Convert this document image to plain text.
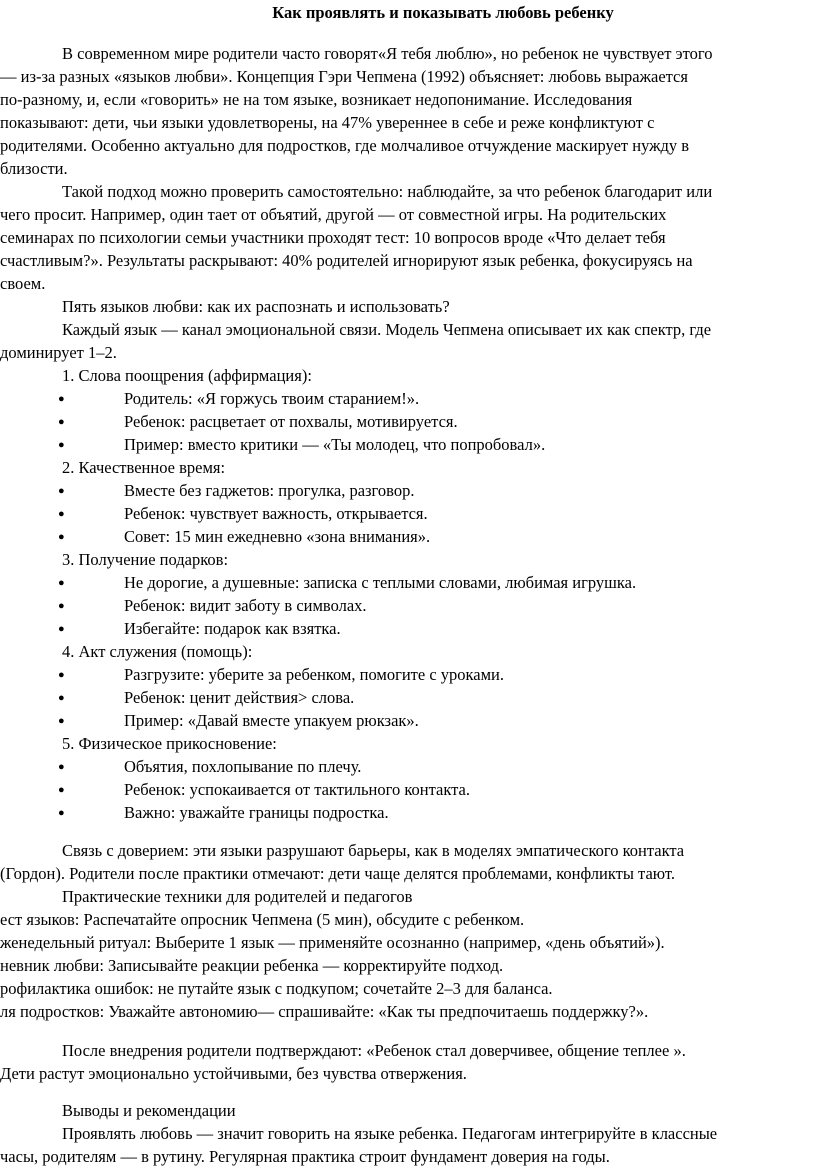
Как проявлять и показывать любовь ребенку
В современном мире родители часто говорят«Я тебя люблю», но ребенок не чувствует этого
— из-за разных «языков любви». Концепция Гэри Чепмена (1992) объясняет: любовь выражается
по-разному, и, если «говорить» не на том языке, возникает недопонимание. Исследования
показывают: дети, чьи языки удовлетворены, на 47% увереннее в себе и реже конфликтуют с
родителями. Особенно актуально для подростков, где молчаливое отчуждение маскирует нужду в
близости.
Такой подход можно проверить самостоятельно: наблюдайте, за что ребенок благодарит или
чего просит. Например, один тает от объятий, другой — от совместной игры. На родительских
семинарах по психологии семьи участники проходят тест: 10 вопросов вроде «Что делает тебя
счастливым?». Результаты раскрывают: 40% родителей игнорируют язык ребенка, фокусируясь на
своем.
Пять языков любви: как их распознать и использовать?
Каждый язык — канал эмоциональной связи. Модель Чепмена описывает их как спектр, где
доминирует 1–2.
1. Слова поощрения (аффирмация):
●	Родитель: «Я горжусь твоим старанием!».
●	Ребенок: расцветает от похвалы, мотивируется.
●	Пример: вместо критики — «Ты молодец, что попробовал».
2. Качественное время:
●	Вместе без гаджетов: прогулка, разговор.
●	Ребенок: чувствует важность, открывается.
●	Совет: 15 мин ежедневно «зона внимания».
3. Получение подарков:
●	Не дорогие, а душевные: записка с теплыми словами, любимая игрушка.
●	Ребенок: видит заботу в символах.
●	Избегайте: подарок как взятка.
4. Акт служения (помощь):
●	Разгрузите: уберите за ребенком, помогите с уроками.
●	Ребенок: ценит действия> слова.
●	Пример: «Давай вместе упакуем рюкзак».
5. Физическое прикосновение:
●	Объятия, похлопывание по плечу.
●	Ребенок: успокаивается от тактильного контакта.
●	Важно: уважайте границы подростка.
Связь с доверием: эти языки разрушают барьеры, как в моделях эмпатического контакта
(Гордон). Родители после практики отмечают: дети чаще делятся проблемами, конфликты тают.
Практические техники для родителей и педагогов
ест языков: Распечатайте опросник Чепмена (5 мин), обсудите с ребенком.
женедельный ритуал: Выберите 1 язык — применяйте осознанно (например, «день объятий»).
невник любви: Записывайте реакции ребенка — корректируйте подход.
рофилактика ошибок: не путайте язык с подкупом; сочетайте 2–3 для баланса.
ля подростков: Уважайте автономию— спрашивайте: «Как ты предпочитаешь поддержку?».
После внедрения родители подтверждают: «Ребенок стал доверчивее, общение теплее ».
Дети растут эмоционально устойчивыми, без чувства отвержения.
Выводы и рекомендации
Проявлять любовь — значит говорить на языке ребенка. Педагогам интегрируйте в классные
часы, родителям — в рутину. Регулярная практика строит фундамент доверия на годы.
